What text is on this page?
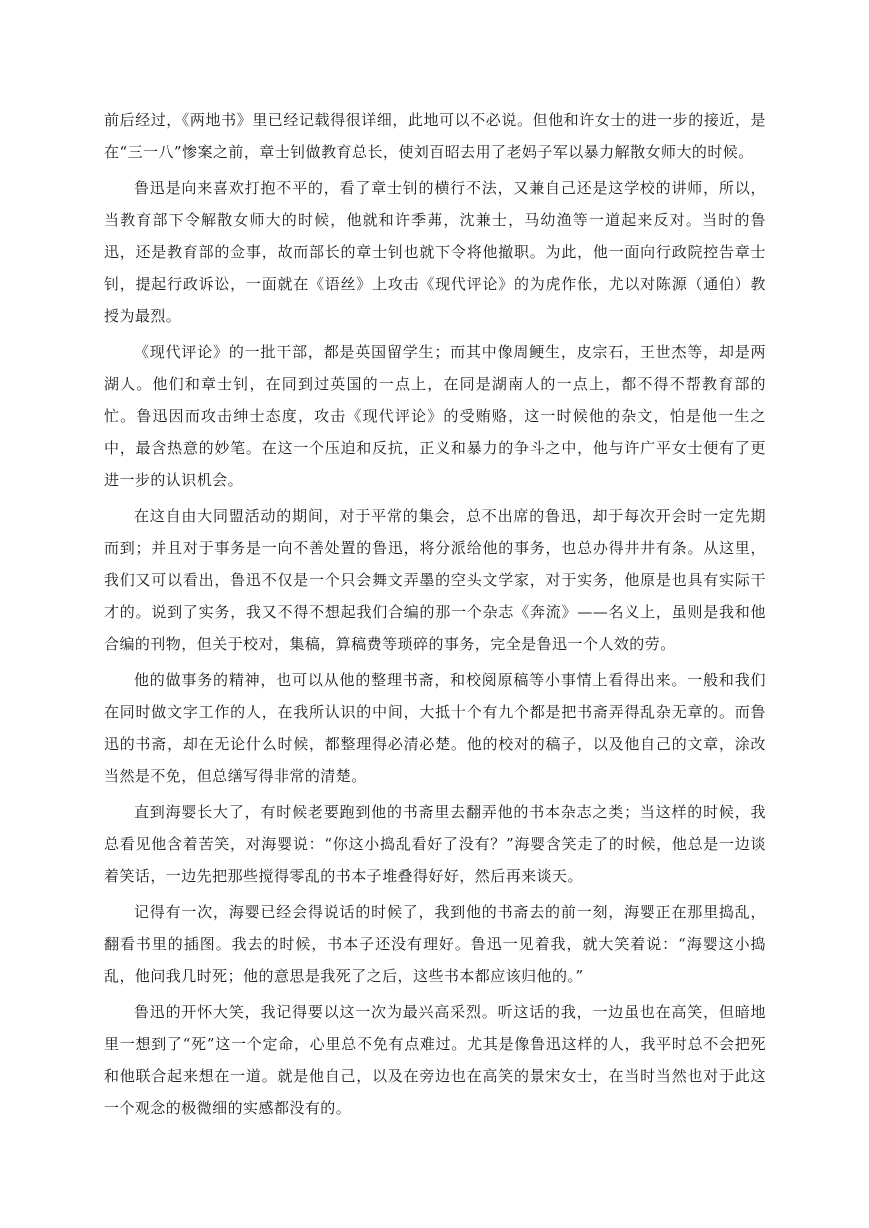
前后经过，《两地书》里已经记载得很详细，此地可以不必说。但他和许女士的进一步的接近，是在“三一八”惨案之前，章士钊做教育总长，使刘百昭去用了老妈子军以暴力解散女师大的时候。

鲁迅是向来喜欢打抱不平的，看了章士钊的横行不法，又兼自己还是这学校的讲师，所以，当教育部下令解散女师大的时候，他就和许季茀，沈兼士，马幼渔等一道起来反对。当时的鲁迅，还是教育部的佥事，故而部长的章士钊也就下令将他撤职。为此，他一面向行政院控告章士钊，提起行政诉讼，一面就在《语丝》上攻击《现代评论》的为虎作伥，尤以对陈源（通伯）教授为最烈。

《现代评论》的一批干部，都是英国留学生；而其中像周鲠生，皮宗石，王世杰等，却是两湖人。他们和章士钊，在同到过英国的一点上，在同是湖南人的一点上，都不得不帮教育部的忙。鲁迅因而攻击绅士态度，攻击《现代评论》的受贿赂，这一时候他的杂文，怕是他一生之中，最含热意的妙笔。在这一个压迫和反抗，正义和暴力的争斗之中，他与许广平女士便有了更进一步的认识机会。

在这自由大同盟活动的期间，对于平常的集会，总不出席的鲁迅，却于每次开会时一定先期而到；并且对于事务是一向不善处置的鲁迅，将分派给他的事务，也总办得井井有条。从这里，我们又可以看出，鲁迅不仅是一个只会舞文弄墨的空头文学家，对于实务，他原是也具有实际干才的。说到了实务，我又不得不想起我们合编的那一个杂志《奔流》——名义上，虽则是我和他合编的刊物，但关于校对，集稿，算稿费等琐碎的事务，完全是鲁迅一个人效的劳。

他的做事务的精神，也可以从他的整理书斋，和校阅原稿等小事情上看得出来。一般和我们在同时做文字工作的人，在我所认识的中间，大抵十个有九个都是把书斋弄得乱杂无章的。而鲁迅的书斋，却在无论什么时候，都整理得必清必楚。他的校对的稿子，以及他自己的文章，涂改当然是不免，但总缮写得非常的清楚。

直到海婴长大了，有时候老要跑到他的书斋里去翻弄他的书本杂志之类；当这样的时候，我总看见他含着苦笑，对海婴说：“你这小捣乱看好了没有？”海婴含笑走了的时候，他总是一边谈着笑话，一边先把那些搅得零乱的书本子堆叠得好好，然后再来谈天。

记得有一次，海婴已经会得说话的时候了，我到他的书斋去的前一刻，海婴正在那里捣乱，翻看书里的插图。我去的时候，书本子还没有理好。鲁迅一见着我，就大笑着说：“海婴这小捣乱，他问我几时死；他的意思是我死了之后，这些书本都应该归他的。”

鲁迅的开怀大笑，我记得要以这一次为最兴高采烈。听这话的我，一边虽也在高笑，但暗地里一想到了“死”这一个定命，心里总不免有点难过。尤其是像鲁迅这样的人，我平时总不会把死和他联合起来想在一道。就是他自己，以及在旁边也在高笑的景宋女士，在当时当然也对于此这一个观念的极微细的实感都没有的。
